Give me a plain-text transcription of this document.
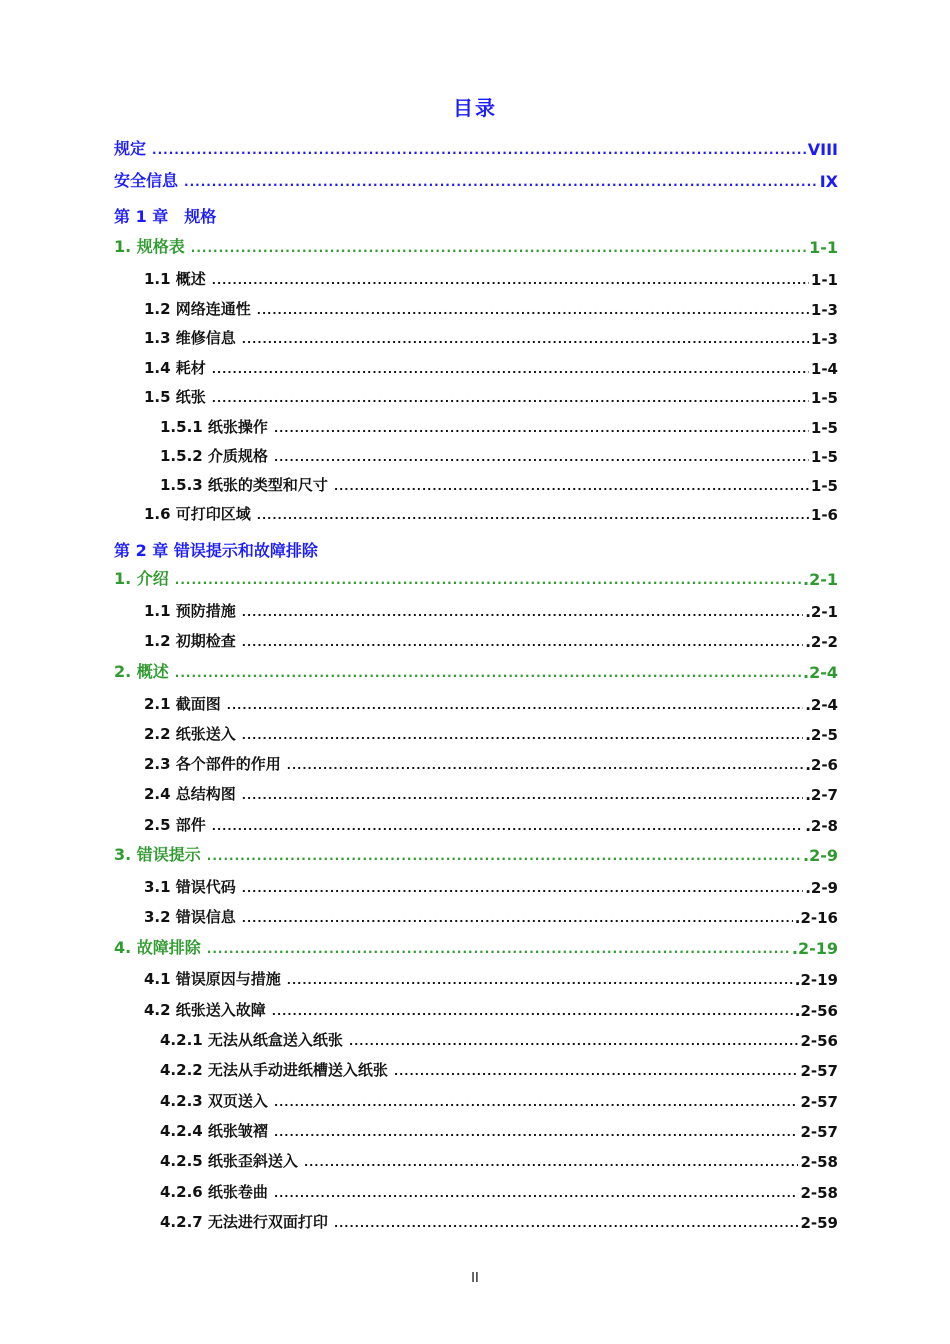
目录
规定 .....	VIII
安全信息 .....	IX
第 1 章　规格
1. 规格表 .....	1-1
1.1 概述 .....	1-1
1.2 网络连通性 .....	1-3
1.3 维修信息 .....	1-3
1.4 耗材 .....	1-4
1.5 纸张 .....	1-5
1.5.1 纸张操作 .....	1-5
1.5.2 介质规格 .....	1-5
1.5.3 纸张的类型和尺寸 .....	1-5
1.6 可打印区域 .....	1-6
第 2 章 错误提示和故障排除
1. 介绍 .....	.2-1
1.1 预防措施 .....	.2-1
1.2 初期检查 .....	.2-2
2. 概述 .....	.2-4
2.1 截面图 .....	.2-4
2.2 纸张送入 .....	.2-5
2.3 各个部件的作用 .....	.2-6
2.4 总结构图 .....	.2-7
2.5 部件 .....	.2-8
3. 错误提示 .....	.2-9
3.1 错误代码 .....	.2-9
3.2 错误信息 .....	.2-16
4. 故障排除 .....	.2-19
4.1 错误原因与措施 .....	.2-19
4.2 纸张送入故障 .....	.2-56
4.2.1 无法从纸盒送入纸张 .....	2-56
4.2.2 无法从手动进纸槽送入纸张 .....	2-57
4.2.3 双页送入 .....	2-57
4.2.4 纸张皱褶 .....	2-57
4.2.5 纸张歪斜送入 .....	2-58
4.2.6 纸张卷曲 .....	2-58
4.2.7 无法进行双面打印 .....	2-59
II
